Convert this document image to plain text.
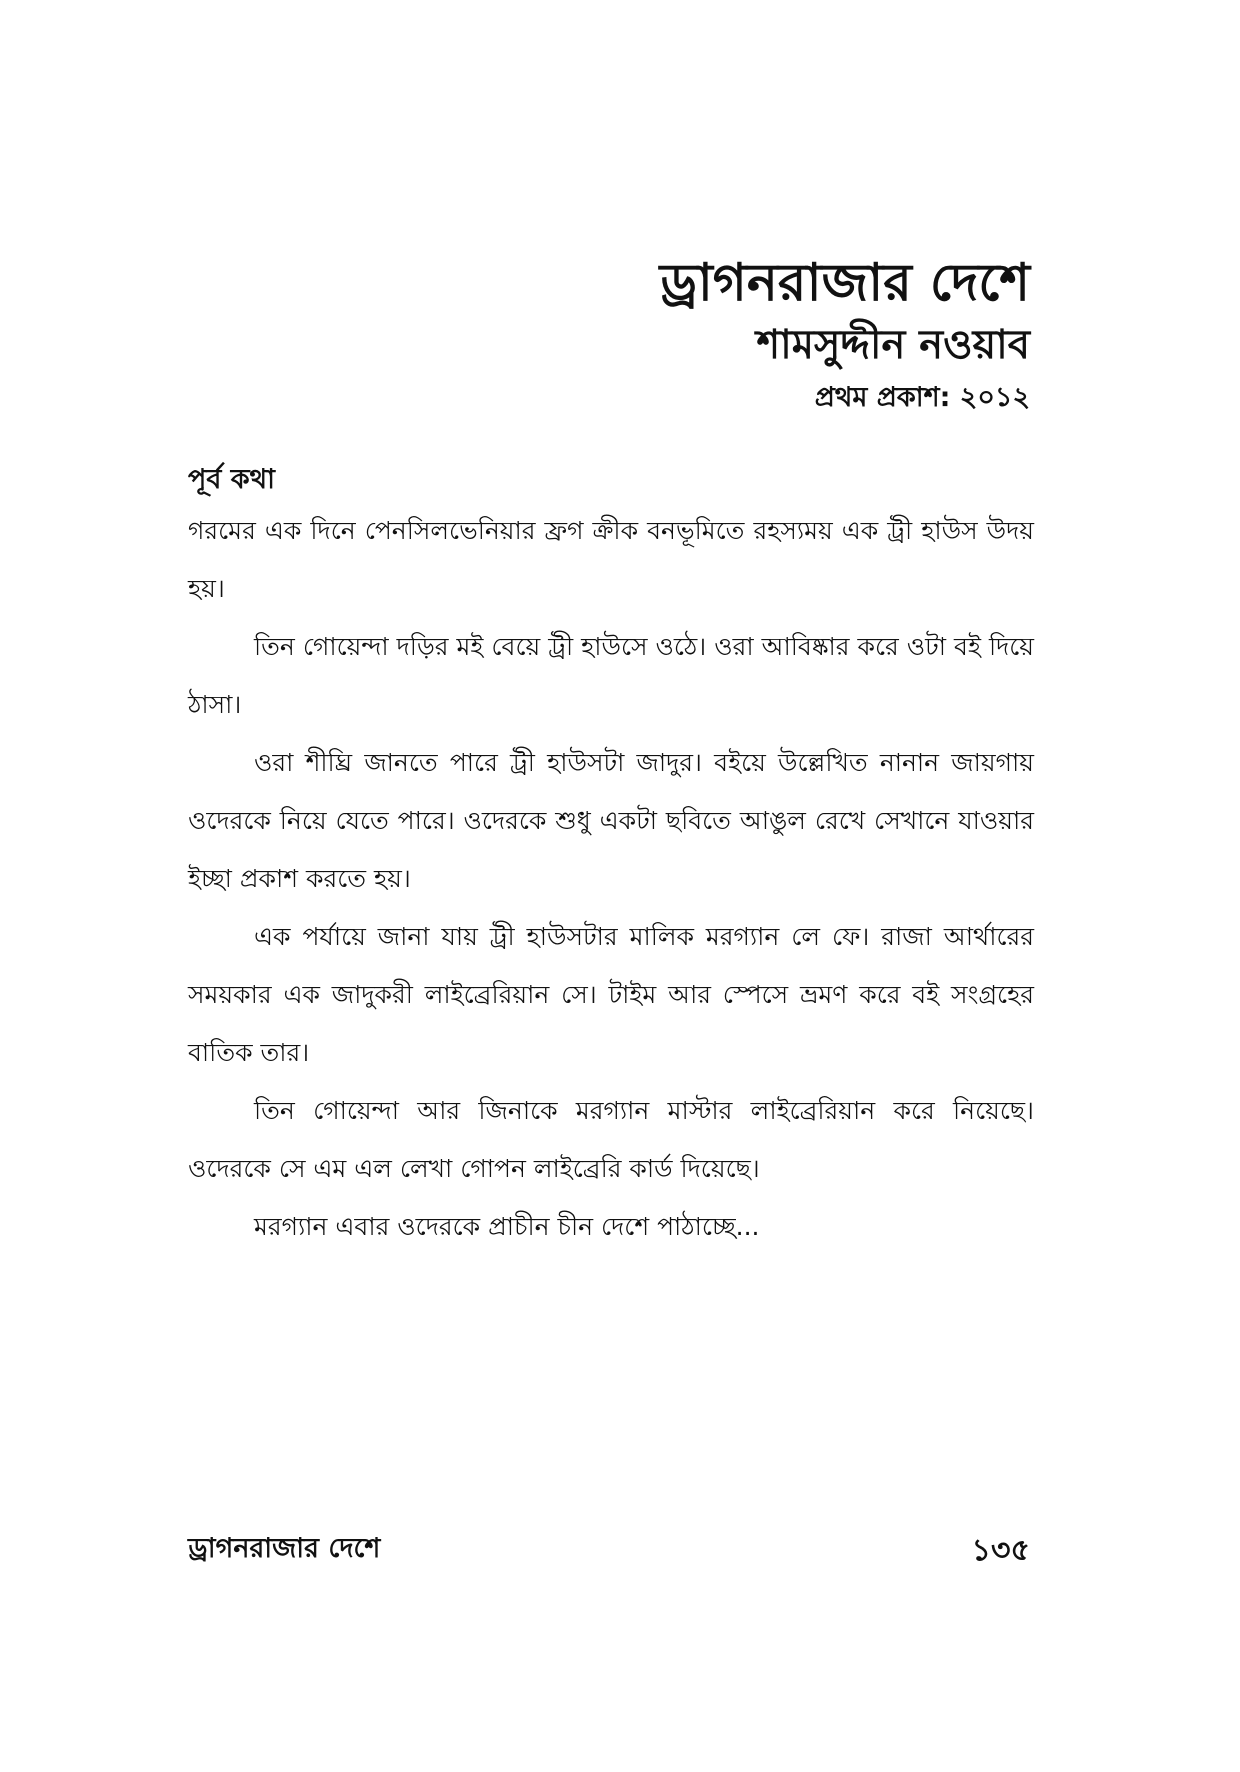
ড্রাগনরাজার দেশে

শামসুদ্দীন নওয়াব

প্রথম প্রকাশ: ২০১২

পূর্ব কথা

গরমের এক দিনে পেনসিলভেনিয়ার ফ্রগ ক্রীক বনভূমিতে রহস্যময় এক ট্রী হাউস উদয় হয়।

তিন গোয়েন্দা দড়ির মই বেয়ে ট্রী হাউসে ওঠে। ওরা আবিষ্কার করে ওটা বই দিয়ে ঠাসা।

ওরা শীঘ্রি জানতে পারে ট্রী হাউসটা জাদুর। বইয়ে উল্লেখিত নানান জায়গায় ওদেরকে নিয়ে যেতে পারে। ওদেরকে শুধু একটা ছবিতে আঙুল রেখে সেখানে যাওয়ার ইচ্ছা প্রকাশ করতে হয়।

এক পর্যায়ে জানা যায় ট্রী হাউসটার মালিক মরগ্যান লে ফে। রাজা আর্থারের সময়কার এক জাদুকরী লাইব্রেরিয়ান সে। টাইম আর স্পেসে ভ্রমণ করে বই সংগ্রহের বাতিক তার।

তিন গোয়েন্দা আর জিনাকে মরগ্যান মাস্টার লাইব্রেরিয়ান করে নিয়েছে। ওদেরকে সে এম এল লেখা গোপন লাইব্রেরি কার্ড দিয়েছে।

মরগ্যান এবার ওদেরকে প্রাচীন চীন দেশে পাঠাচ্ছে...

ড্রাগনরাজার দেশে	১৩৫
